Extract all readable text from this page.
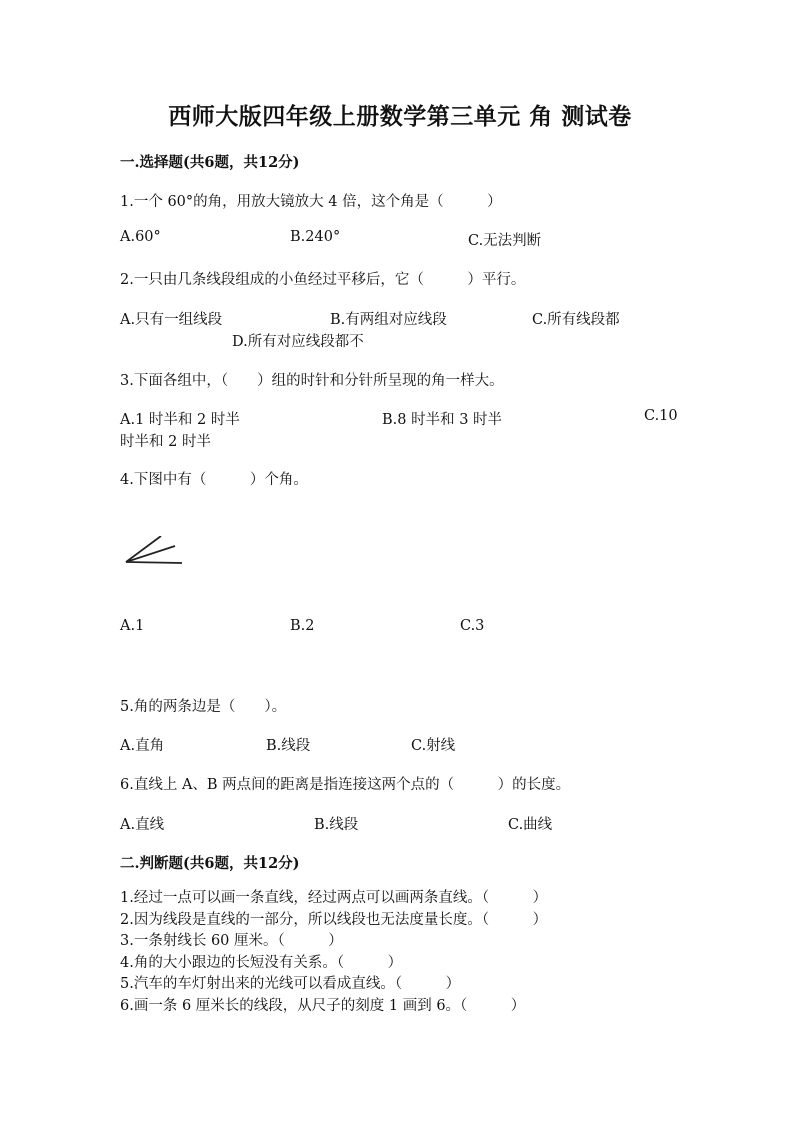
西师大版四年级上册数学第三单元 角 测试卷
一.选择题(共6题，共12分)
1.一个 60°的角，用放大镜放大 4 倍，这个角是（　　　）
A.60°	B.240°	C.无法判断
2.一只由几条线段组成的小鱼经过平移后，它（　　　）平行。
A.只有一组线段	B.有两组对应线段	C.所有线段都
D.所有对应线段都不
3.下面各组中，（　　）组的时针和分针所呈现的角一样大。
A.1 时半和 2 时半	B.8 时半和 3 时半	C.10
时半和 2 时半
4.下图中有（　　　）个角。
A.1	B.2	C.3
5.角的两条边是（　　）。
A.直角	B.线段	C.射线
6.直线上 A、B 两点间的距离是指连接这两个点的（　　　）的长度。
A.直线	B.线段	C.曲线
二.判断题(共6题，共12分)
1.经过一点可以画一条直线，经过两点可以画两条直线。（　　　）
2.因为线段是直线的一部分，所以线段也无法度量长度。（　　　）
3.一条射线长 60 厘米。（　　　）
4.角的大小跟边的长短没有关系。（　　　）
5.汽车的车灯射出来的光线可以看成直线。（　　　）
6.画一条 6 厘米长的线段，从尺子的刻度 1 画到 6。（　　　）
